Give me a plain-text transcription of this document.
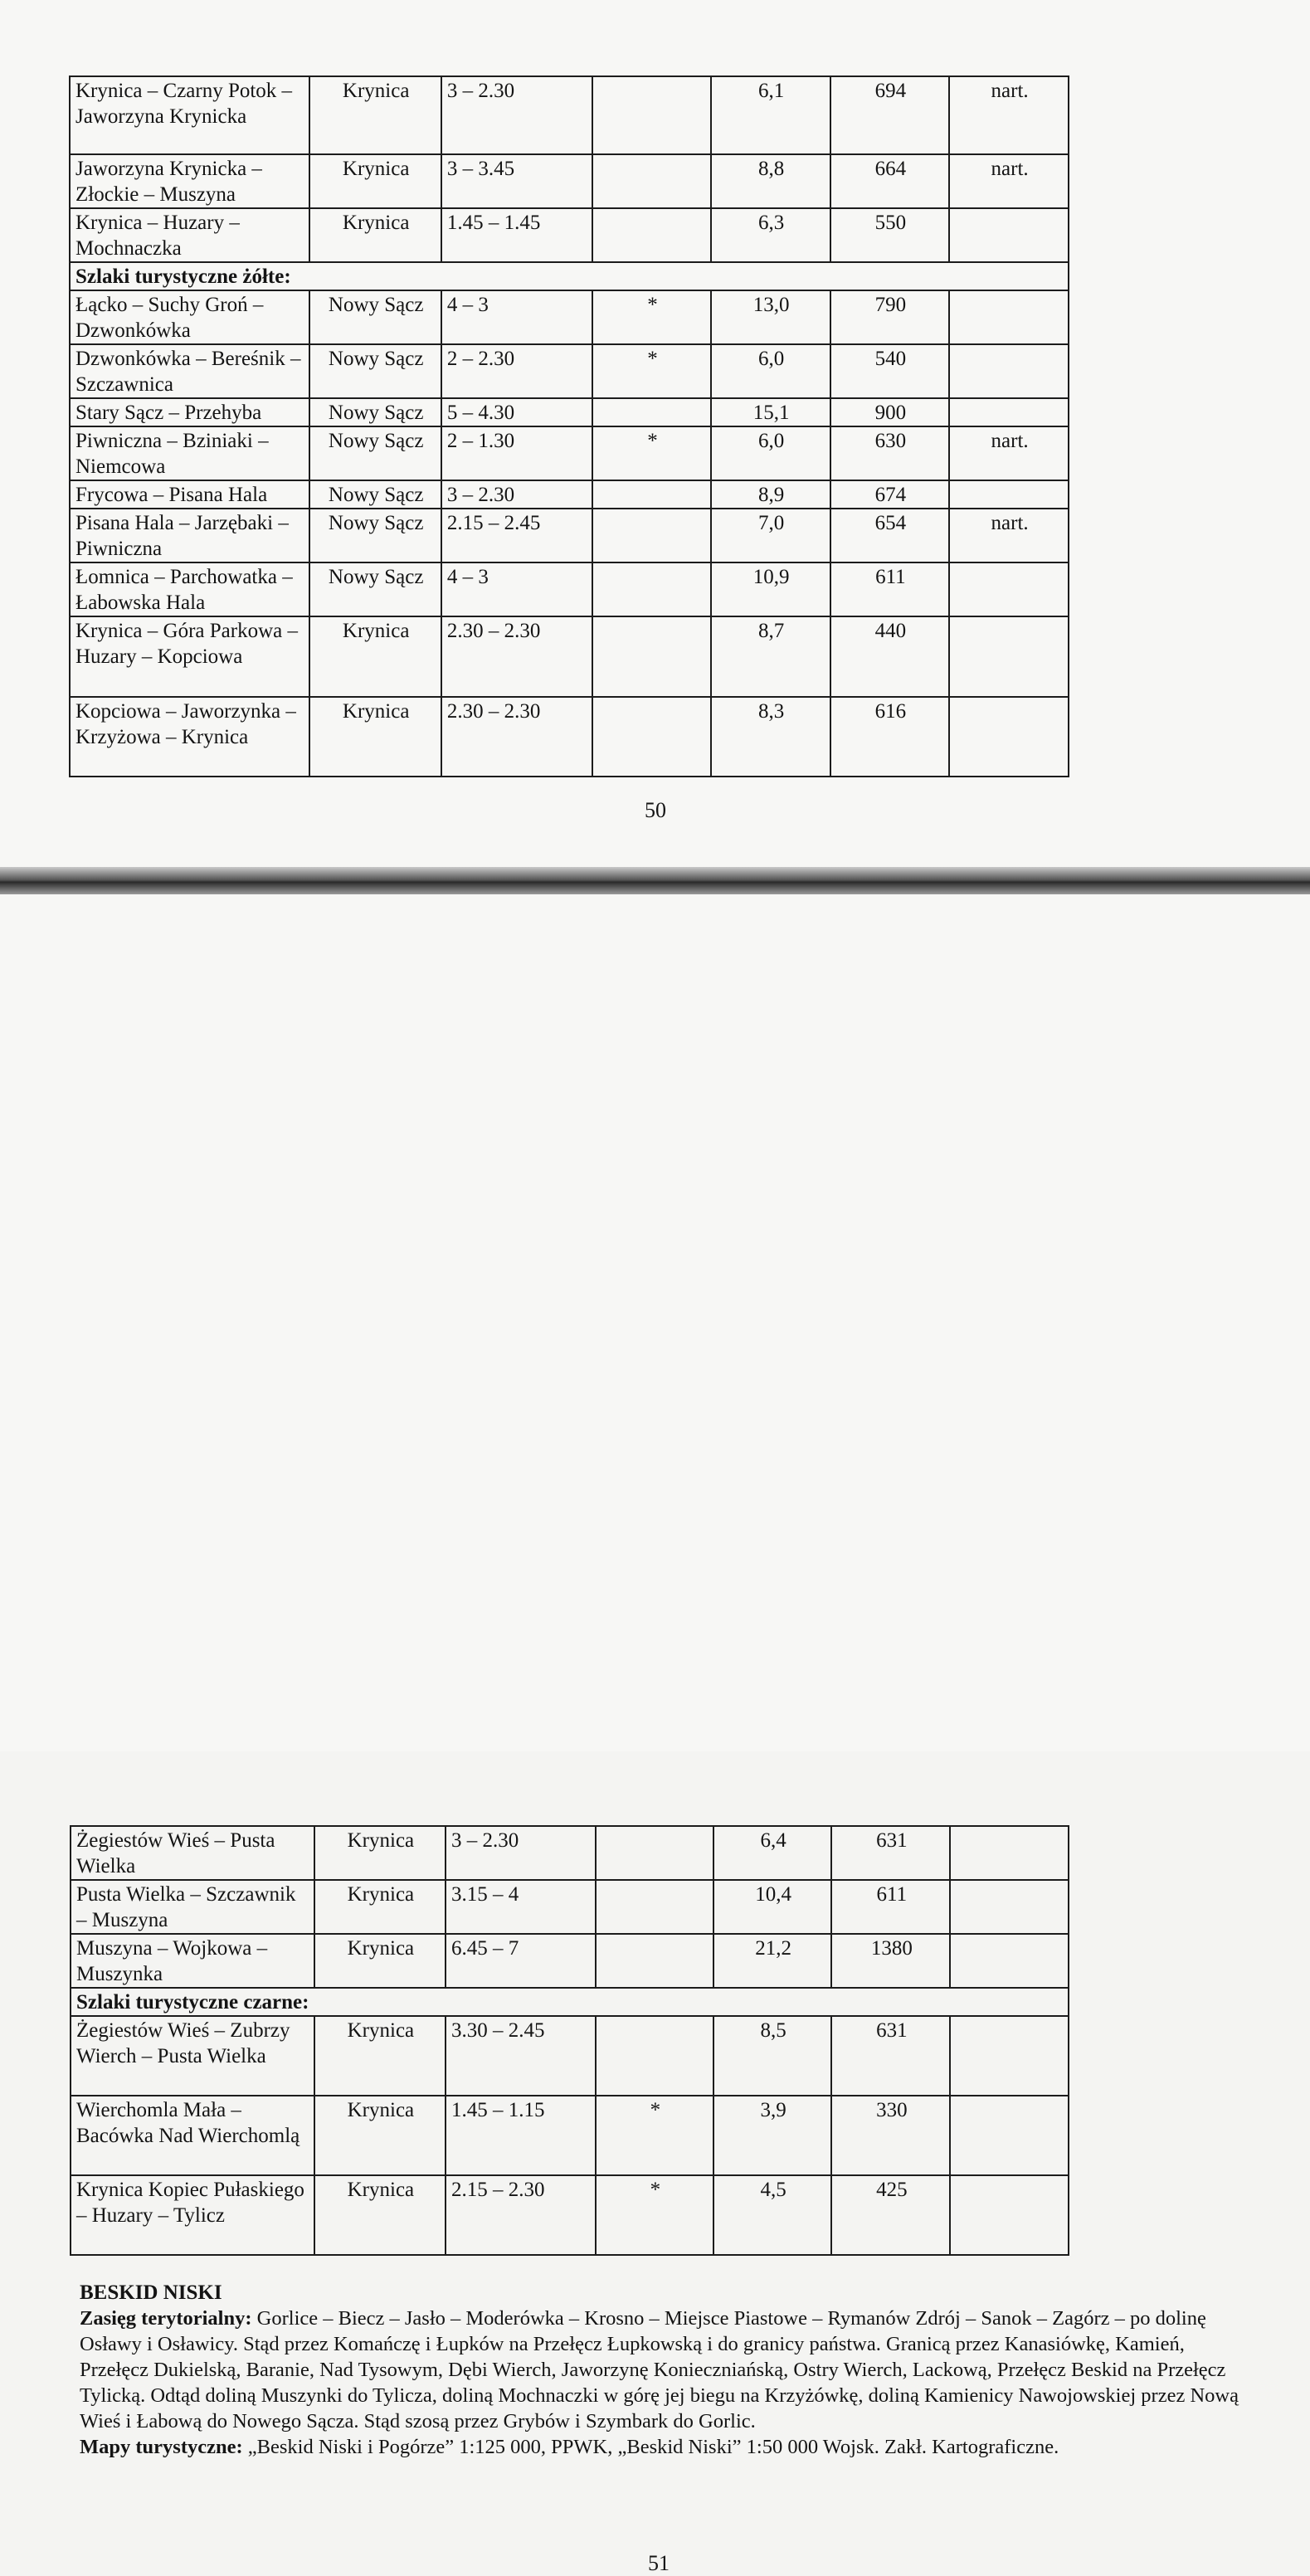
Krynica – Czarny Potok – Jaworzyna Krynicka	Krynica	3 – 2.30		6,1	694	nart.
Jaworzyna Krynicka – Złockie – Muszyna	Krynica	3 – 3.45		8,8	664	nart.
Krynica – Huzary – Mochnaczka	Krynica	1.45 – 1.45		6,3	550	
Szlaki turystyczne żółte:						
Łącko – Suchy Groń – Dzwonkówka	Nowy Sącz	4 – 3	*	13,0	790	
Dzwonkówka – Bereśnik – Szczawnica	Nowy Sącz	2 – 2.30	*	6,0	540	
Stary Sącz – Przehyba	Nowy Sącz	5 – 4.30		15,1	900	
Piwniczna – Bziniaki – Niemcowa	Nowy Sącz	2 – 1.30	*	6,0	630	nart.
Frycowa – Pisana Hala	Nowy Sącz	3 – 2.30		8,9	674	
Pisana Hala – Jarzębaki – Piwniczna	Nowy Sącz	2.15 – 2.45		7,0	654	nart.
Łomnica – Parchowatka – Łabowska Hala	Nowy Sącz	4 – 3		10,9	611	
Krynica – Góra Parkowa – Huzary – Kopciowa	Krynica	2.30 – 2.30		8,7	440	
Kopciowa – Jaworzynka – Krzyżowa – Krynica	Krynica	2.30 – 2.30		8,3	616	
50
Żegiestów Wieś – Pusta Wielka	Krynica	3 – 2.30		6,4	631	
Pusta Wielka – Szczawnik – Muszyna	Krynica	3.15 – 4		10,4	611	
Muszyna – Wojkowa – Muszynka	Krynica	6.45 – 7		21,2	1380	
Szlaki turystyczne czarne:						
Żegiestów Wieś – Zubrzy Wierch – Pusta Wielka	Krynica	3.30 – 2.45		8,5	631	
Wierchomla Mała – Bacówka Nad Wierchomlą	Krynica	1.45 – 1.15	*	3,9	330	
Krynica Kopiec Pułaskiego – Huzary – Tylicz	Krynica	2.15 – 2.30	*	4,5	425	
BESKID NISKI

Zasięg terytorialny: Gorlice – Biecz – Jasło – Moderówka – Krosno – Miejsce Piastowe – Rymanów Zdrój – Sanok – Zagórz – po dolinę Osławy i Osławicy. Stąd przez Komańczę i Łupków na Przełęcz Łupkowską i do granicy państwa. Granicą przez Kanasiówkę, Kamień, Przełęcz Dukielską, Baranie, Nad Tysowym, Dębi Wierch, Jaworzynę Konieczniańską, Ostry Wierch, Lackową, Przełęcz Beskid na Przełęcz Tylicką. Odtąd doliną Muszynki do Tylicza, doliną Mochnaczki w górę jej biegu na Krzyżówkę, doliną Kamienicy Nawojowskiej przez Nową Wieś i Łabową do Nowego Sącza. Stąd szosą przez Grybów i Szymbark do Gorlic.

Mapy turystyczne: „Beskid Niski i Pogórze” 1:125 000, PPWK, „Beskid Niski” 1:50 000 Wojsk. Zakł. Kartograficzne.

51
